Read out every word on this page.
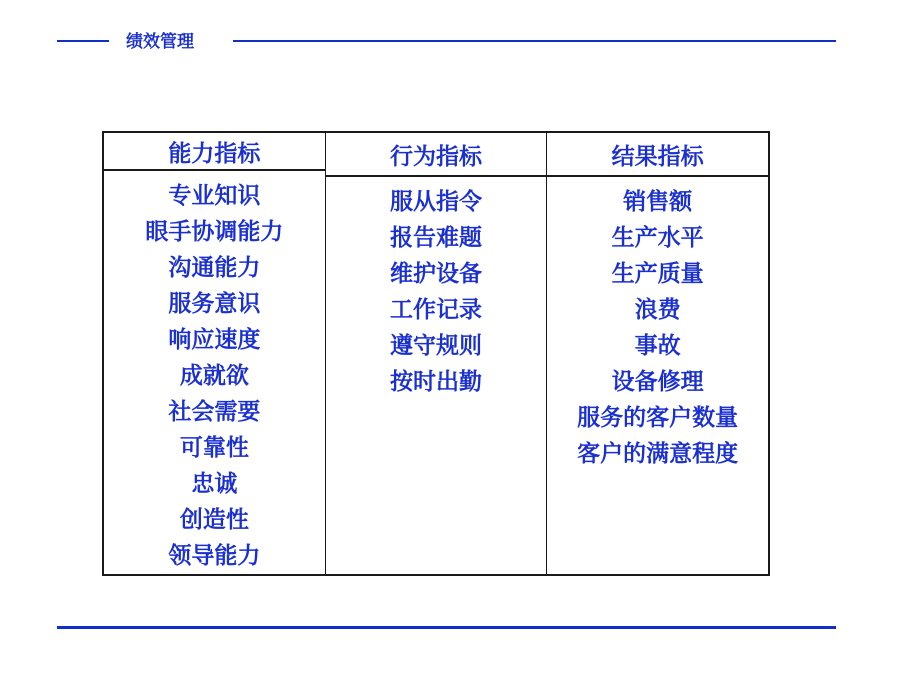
绩效管理
能力指标
专业知识
眼手协调能力
沟通能力
服务意识
响应速度
成就欲
社会需要
可靠性
忠诚
创造性
领导能力
行为指标
服从指令
报告难题
维护设备
工作记录
遵守规则
按时出勤
结果指标
销售额
生产水平
生产质量
浪费
事故
设备修理
服务的客户数量
客户的满意程度
